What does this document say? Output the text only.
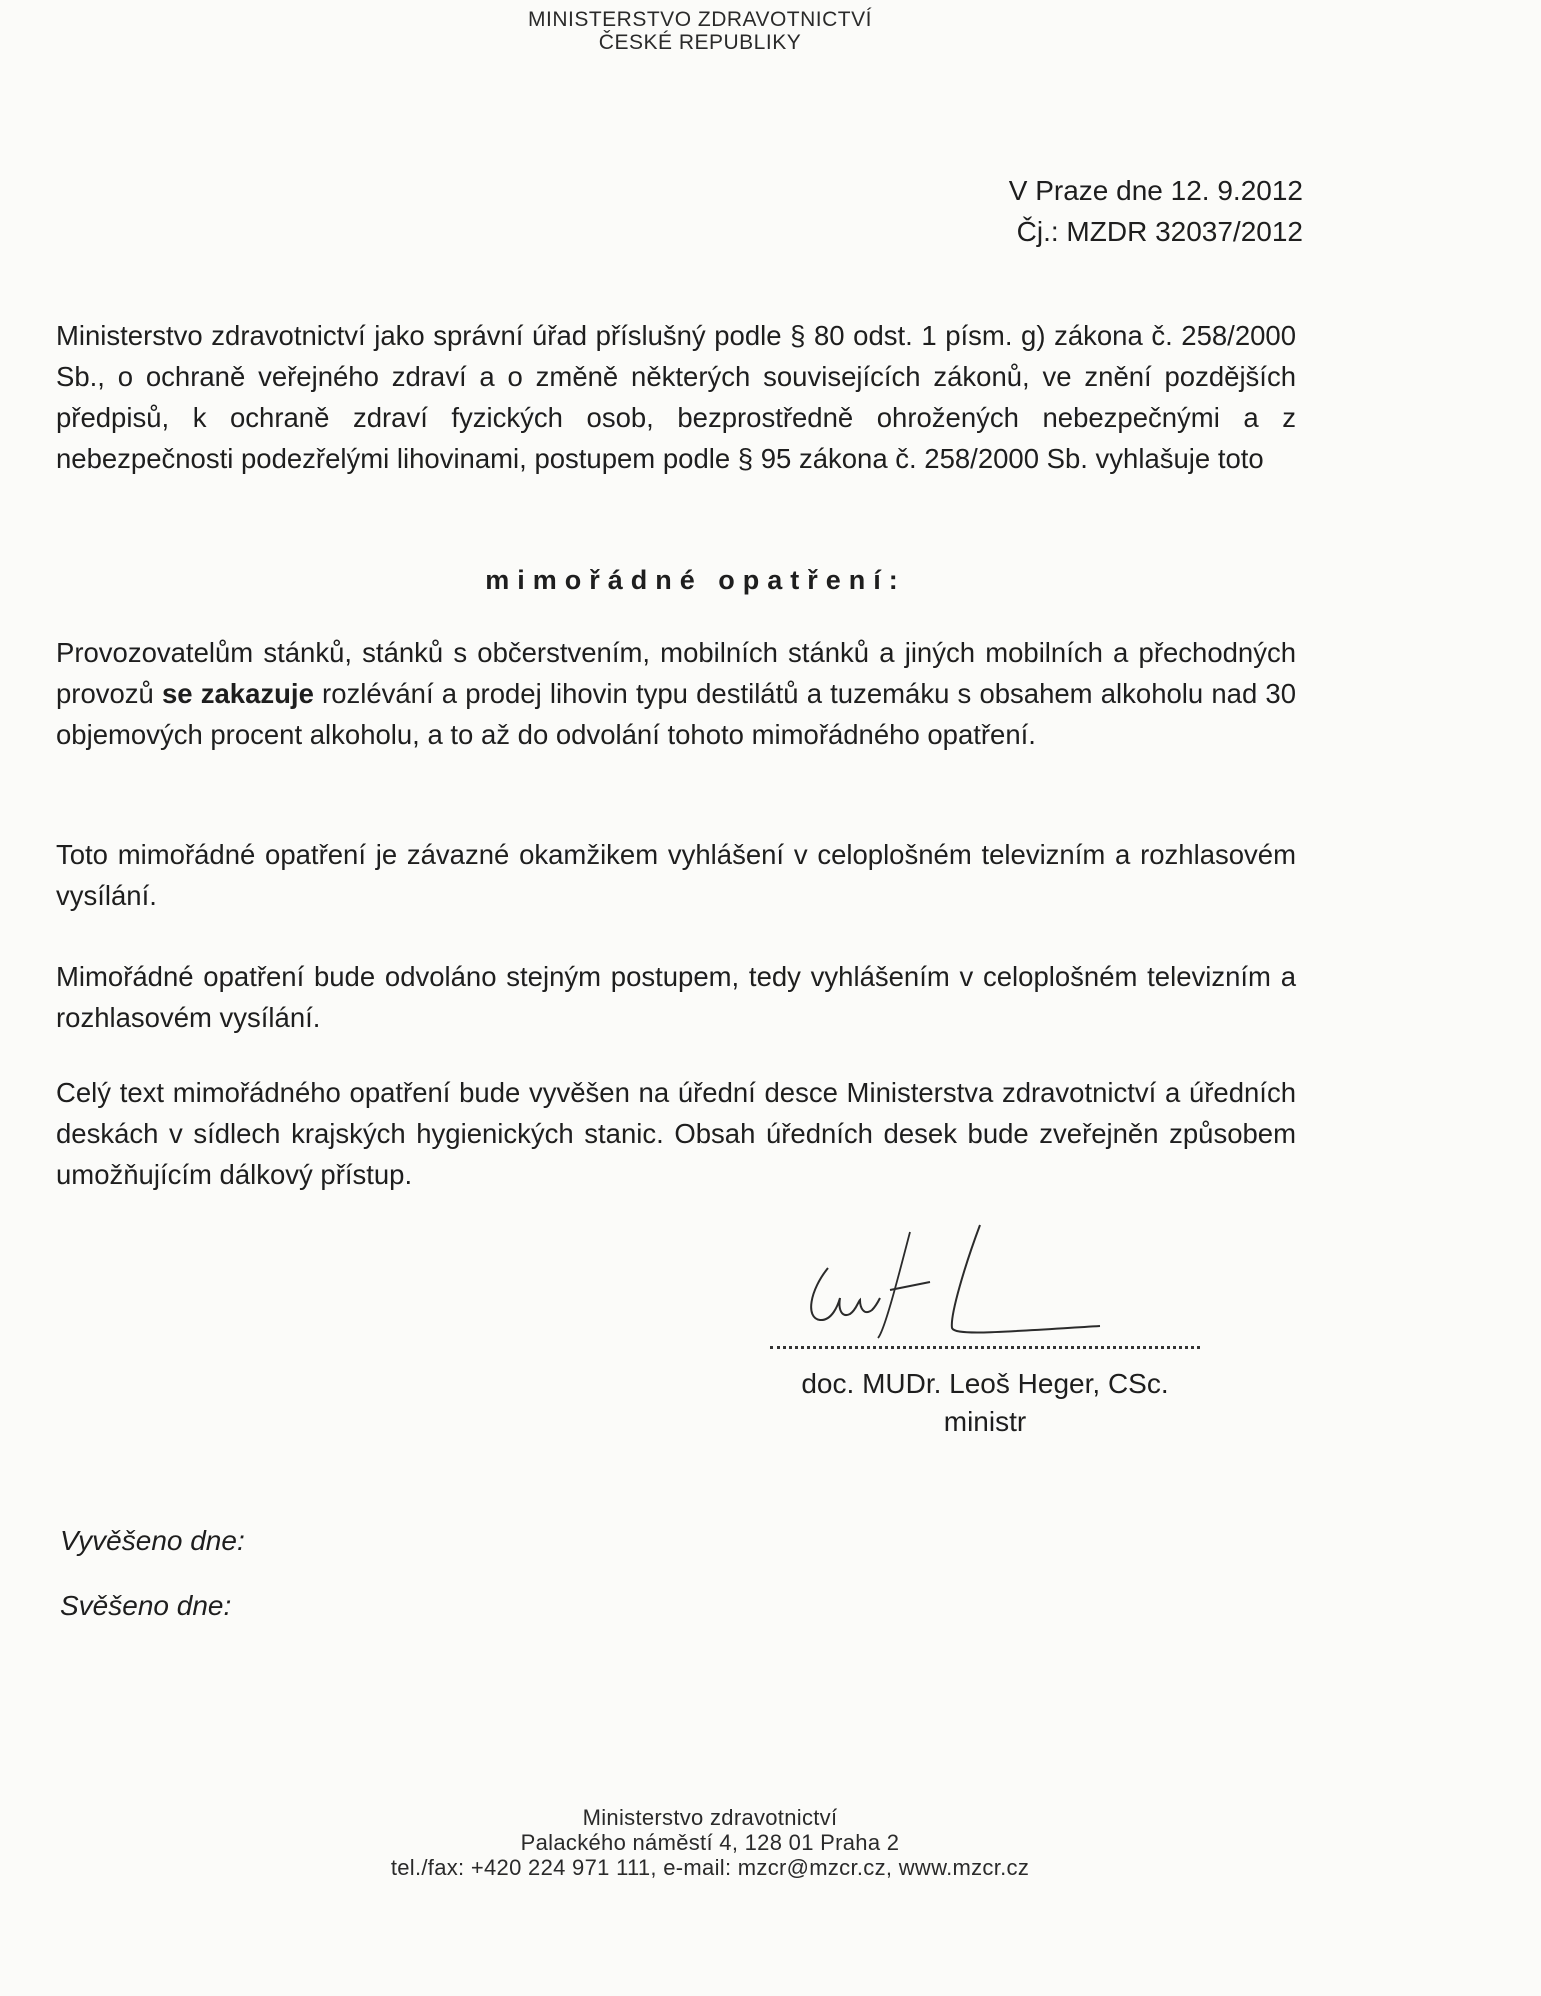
MINISTERSTVO ZDRAVOTNICTVÍ
ČESKÉ REPUBLIKY
V Praze dne 12. 9.2012
Čj.: MZDR 32037/2012
Ministerstvo zdravotnictví jako správní úřad příslušný podle § 80 odst. 1 písm. g) zákona č. 258/2000 Sb., o ochraně veřejného zdraví a o změně některých souvisejících zákonů, ve znění pozdějších předpisů, k ochraně zdraví fyzických osob, bezprostředně ohrožených nebezpečnými a z nebezpečnosti podezřelými lihovinami, postupem podle § 95 zákona č. 258/2000 Sb. vyhlašuje toto
mimořádné opatření:
Provozovatelům stánků, stánků s občerstvením, mobilních stánků a jiných mobilních a přechodných provozů se zakazuje rozlévání a prodej lihovin typu destilátů a tuzemáku s obsahem alkoholu nad 30 objemových procent alkoholu, a to až do odvolání tohoto mimořádného opatření.
Toto mimořádné opatření je závazné okamžikem vyhlášení v celoplošném televizním a rozhlasovém vysílání.
Mimořádné opatření bude odvoláno stejným postupem, tedy vyhlášením v celoplošném televizním a rozhlasovém vysílání.
Celý text mimořádného opatření bude vyvěšen na úřední desce Ministerstva zdravotnictví a úředních deskách v sídlech krajských hygienických stanic. Obsah úředních desek bude zveřejněn způsobem umožňujícím dálkový přístup.
doc. MUDr. Leoš Heger, CSc.
ministr
Vyvěšeno dne:
Svěšeno dne:
Ministerstvo zdravotnictví
Palackého náměstí 4, 128 01 Praha 2
tel./fax: +420 224 971 111, e-mail: mzcr@mzcr.cz, www.mzcr.cz
